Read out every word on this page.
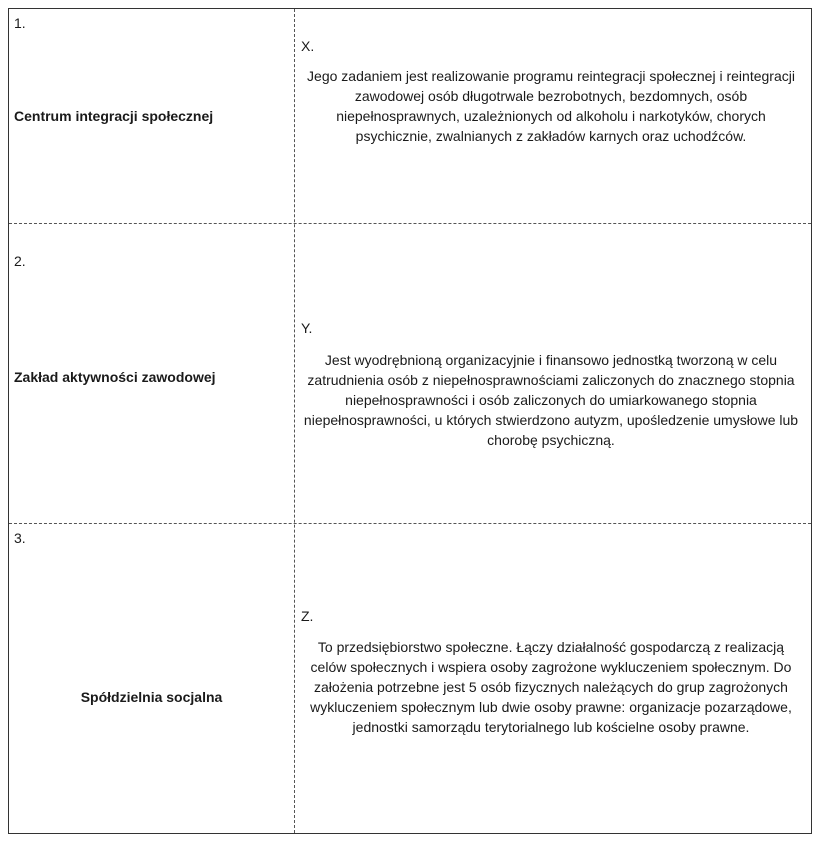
1.
Centrum integracji społecznej
X.
Jego zadaniem jest realizowanie programu reintegracji społecznej i reintegracji zawodowej osób długotrwale bezrobotnych, bezdomnych, osób niepełnosprawnych, uzależnionych od alkoholu i narkotyków, chorych psychicznie, zwalnianych z zakładów karnych oraz uchodźców.
2.
Zakład aktywności zawodowej
Y.
Jest wyodrębnioną organizacyjnie i finansowo jednostką tworzoną w celu zatrudnienia osób z niepełnosprawnościami zaliczonych do znacznego stopnia niepełnosprawności i osób zaliczonych do umiarkowanego stopnia niepełnosprawności, u których stwierdzono autyzm, upośledzenie umysłowe lub chorobę psychiczną.
3.
Spółdzielnia socjalna
Z.
To przedsiębiorstwo społeczne. Łączy działalność gospodarczą z realizacją celów społecznych i wspiera osoby zagrożone wykluczeniem społecznym. Do założenia potrzebne jest 5 osób fizycznych należących do grup zagrożonych wykluczeniem społecznym lub dwie osoby prawne: organizacje pozarządowe, jednostki samorządu terytorialnego lub kościelne osoby prawne.
